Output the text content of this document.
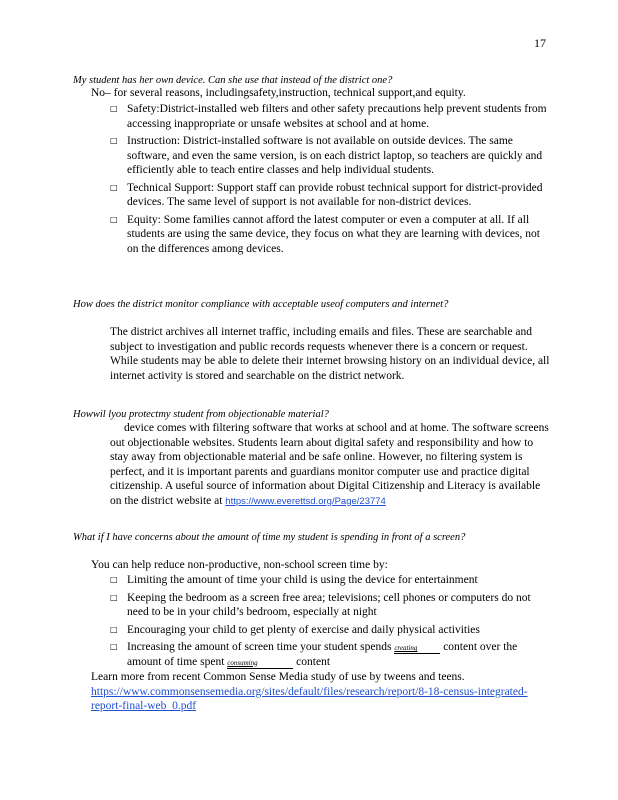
17
My student has her own device. Can she use that instead of the district one?
No– for several reasons, includingsafety,instruction, technical support,and equity.
□ Safety:District-installed web filters and other safety precautions help prevent students from accessing inappropriate or unsafe websites at school and at home.
□ Instruction: District-installed software is not available on outside devices. The same software, and even the same version, is on each district laptop, so teachers are quickly and efficiently able to teach entire classes and help individual students.
□ Technical Support: Support staff can provide robust technical support for district-provided devices. The same level of support is not available for non-district devices.
□ Equity: Some families cannot afford the latest computer or even a computer at all. If all students are using the same device, they focus on what they are learning with devices, not on the differences among devices.
How does the district monitor compliance with acceptable useof computers and internet?
The district archives all internet traffic, including emails and files. These are searchable and subject to investigation and public records requests whenever there is a concern or request. While students may be able to delete their internet browsing history on an individual device, all internet activity is stored and searchable on the district network.
Howwil lyou protectmy student from objectionable material?
device comes with filtering software that works at school and at home. The software screens out objectionable websites. Students learn about digital safety and responsibility and how to stay away from objectionable material and be safe online. However, no filtering system is perfect, and it is important parents and guardians monitor computer use and practice digital citizenship. A useful source of information about Digital Citizenship and Literacy is available on the district website at https://www.everettsd.org/Page/23774
What if I have concerns about the amount of time my student is spending in front of a screen?
You can help reduce non-productive, non-school screen time by:
□ Limiting the amount of time your child is using the device for entertainment
□ Keeping the bedroom as a screen free area; televisions; cell phones or computers do not need to be in your child’s bedroom, especially at night
□ Encouraging your child to get plenty of exercise and daily physical activities
□ Increasing the amount of screen time your student spends creating content over the amount of time spent consuming	content
Learn more from recent Common Sense Media study of use by tweens and teens.
https://www.commonsensemedia.org/sites/default/files/research/report/8-18-census-integrated-report-final-web_0.pdf
